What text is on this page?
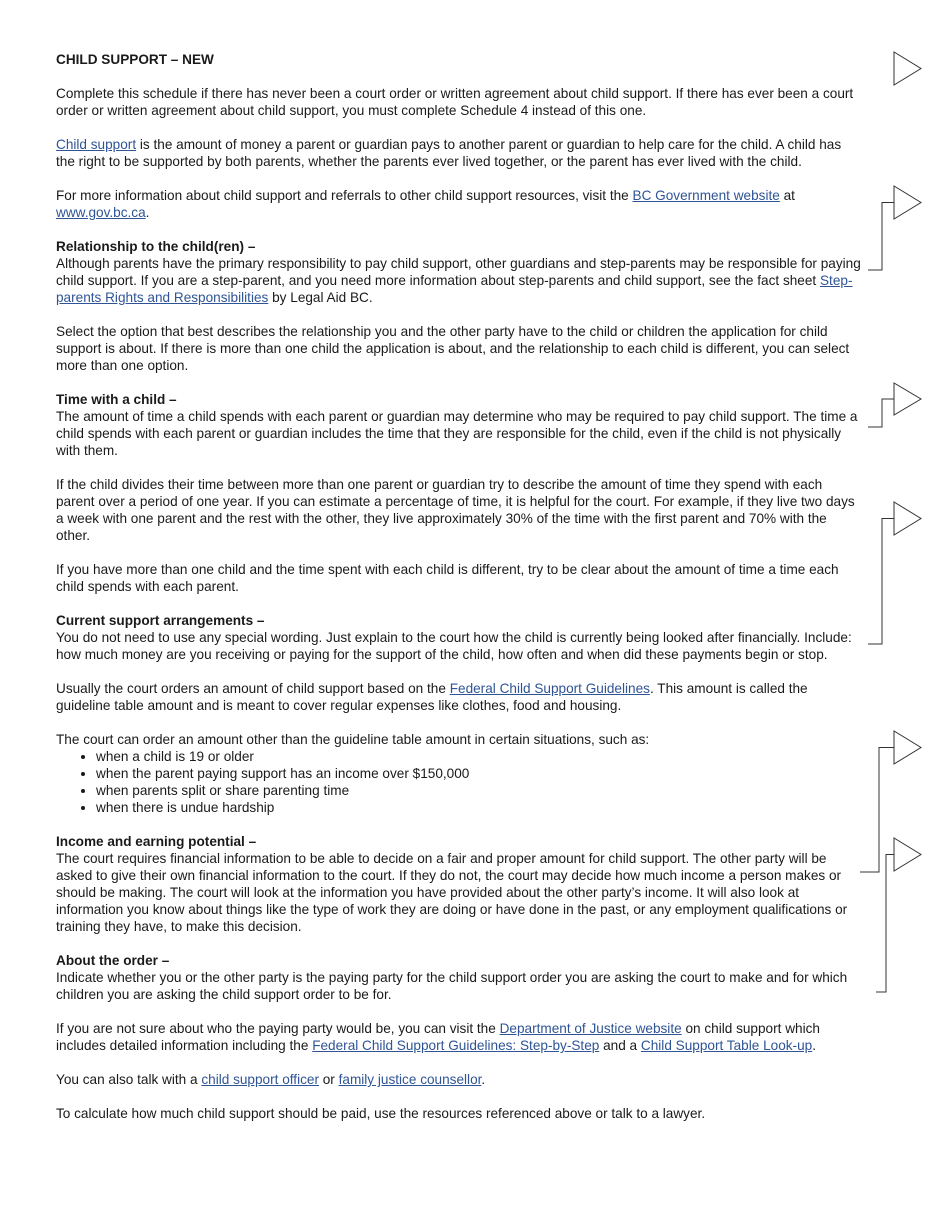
CHILD SUPPORT – NEW

Complete this schedule if there has never been a court order or written agreement about child support. If there has ever been a court order or written agreement about child support, you must complete Schedule 4 instead of this one.

Child support is the amount of money a parent or guardian pays to another parent or guardian to help care for the child. A child has the right to be supported by both parents, whether the parents ever lived together, or the parent has ever lived with the child.

For more information about child support and referrals to other child support resources, visit the BC Government website at www.gov.bc.ca.

Relationship to the child(ren) –

Although parents have the primary responsibility to pay child support, other guardians and step-parents may be responsible for paying child support. If you are a step-parent, and you need more information about step-parents and child support, see the fact sheet Step-parents Rights and Responsibilities by Legal Aid BC.

Select the option that best describes the relationship you and the other party have to the child or children the application for child support is about. If there is more than one child the application is about, and the relationship to each child is different, you can select more than one option.

Time with a child –

The amount of time a child spends with each parent or guardian may determine who may be required to pay child support. The time a child spends with each parent or guardian includes the time that they are responsible for the child, even if the child is not physically with them.

If the child divides their time between more than one parent or guardian try to describe the amount of time they spend with each parent over a period of one year. If you can estimate a percentage of time, it is helpful for the court. For example, if they live two days a week with one parent and the rest with the other, they live approximately 30% of the time with the first parent and 70% with the other.

If you have more than one child and the time spent with each child is different, try to be clear about the amount of time a time each child spends with each parent.

Current support arrangements –

You do not need to use any special wording. Just explain to the court how the child is currently being looked after financially. Include: how much money are you receiving or paying for the support of the child, how often and when did these payments begin or stop.

Usually the court orders an amount of child support based on the Federal Child Support Guidelines. This amount is called the guideline table amount and is meant to cover regular expenses like clothes, food and housing.

The court can order an amount other than the guideline table amount in certain situations, such as:

• when a child is 19 or older
• when the parent paying support has an income over $150,000
• when parents split or share parenting time
• when there is undue hardship
Income and earning potential –

The court requires financial information to be able to decide on a fair and proper amount for child support. The other party will be asked to give their own financial information to the court. If they do not, the court may decide how much income a person makes or should be making. The court will look at the information you have provided about the other party’s income. It will also look at information you know about things like the type of work they are doing or have done in the past, or any employment qualifications or training they have, to make this decision.

About the order –

Indicate whether you or the other party is the paying party for the child support order you are asking the court to make and for which children you are asking the child support order to be for.

If you are not sure about who the paying party would be, you can visit the Department of Justice website on child support which includes detailed information including the Federal Child Support Guidelines: Step-by-Step and a Child Support Table Look-up.

You can also talk with a child support officer or family justice counsellor.

To calculate how much child support should be paid, use the resources referenced above or talk to a lawyer.
